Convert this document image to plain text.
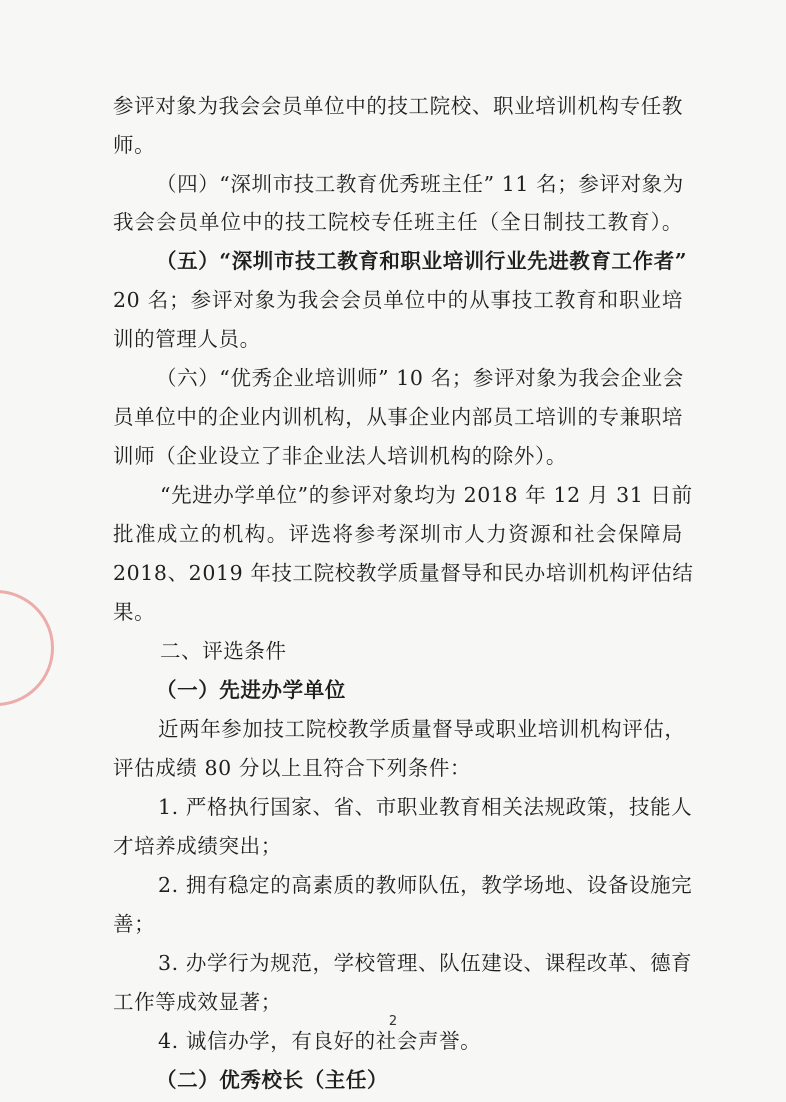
参评对象为我会会员单位中的技工院校、职业培训机构专任教
师。
（四）“深圳市技工教育优秀班主任” 11 名；参评对象为
我会会员单位中的技工院校专任班主任（全日制技工教育）。
（五）“深圳市技工教育和职业培训行业先进教育工作者”
20 名；参评对象为我会会员单位中的从事技工教育和职业培
训的管理人员。
（六）“优秀企业培训师” 10 名；参评对象为我会企业会
员单位中的企业内训机构，从事企业内部员工培训的专兼职培
训师（企业设立了非企业法人培训机构的除外）。
“先进办学单位”的参评对象均为 2018 年 12 月 31 日前
批准成立的机构。评选将参考深圳市人力资源和社会保障局
2018、2019 年技工院校教学质量督导和民办培训机构评估结
果。
二、评选条件
（一）先进办学单位
近两年参加技工院校教学质量督导或职业培训机构评估，
评估成绩 80 分以上且符合下列条件：
1. 严格执行国家、省、市职业教育相关法规政策，技能人
才培养成绩突出；
2. 拥有稳定的高素质的教师队伍，教学场地、设备设施完
善；
3. 办学行为规范，学校管理、队伍建设、课程改革、德育
工作等成效显著；
4. 诚信办学，有良好的社会声誉。
（二）优秀校长（主任）
2
